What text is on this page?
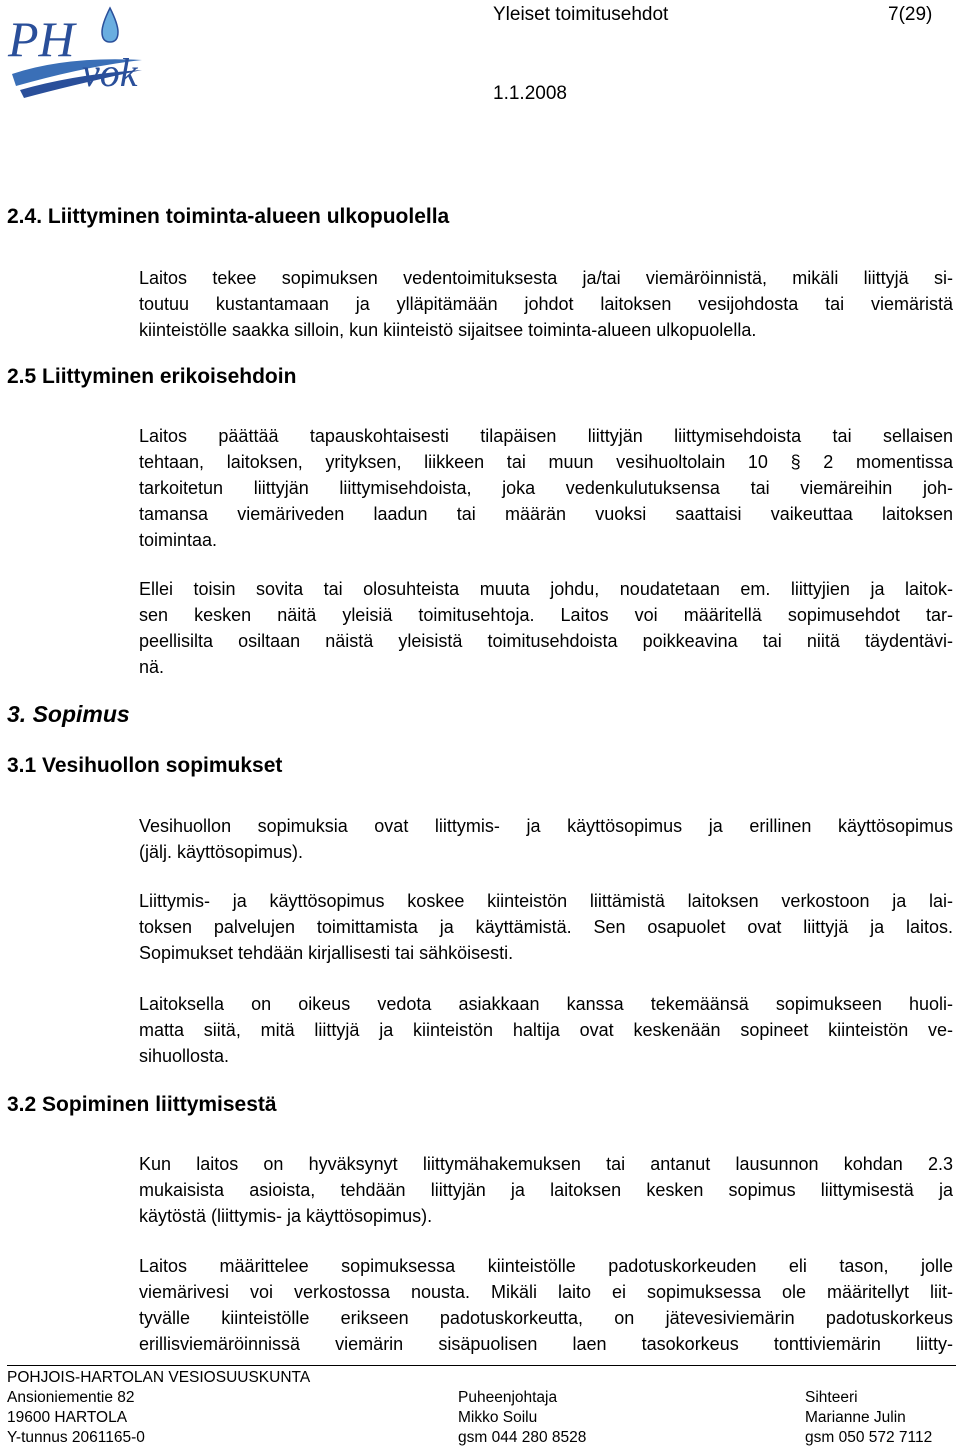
PH
vok
Yleiset toimitusehdot	7(29)
1.1.2008
2.4. Liittyminen toiminta-alueen ulkopuolella
Laitos tekee sopimuksen vedentoimituksesta ja/tai viemäröinnistä, mikäli liittyjä si-
toutuu kustantamaan ja ylläpitämään johdot laitoksen vesijohdosta tai viemäristä
kiinteistölle saakka silloin, kun kiinteistö sijaitsee toiminta-alueen ulkopuolella.
2.5 Liittyminen erikoisehdoin
Laitos päättää tapauskohtaisesti tilapäisen liittyjän liittymisehdoista tai sellaisen
tehtaan, laitoksen, yrityksen, liikkeen tai muun vesihuoltolain 10 § 2 momentissa
tarkoitetun liittyjän liittymisehdoista, joka vedenkulutuksensa tai viemäreihin joh-
tamansa viemäriveden laadun tai määrän vuoksi saattaisi vaikeuttaa laitoksen
toimintaa.
Ellei toisin sovita tai olosuhteista muuta johdu, noudatetaan em. liittyjien ja laitok-
sen kesken näitä yleisiä toimitusehtoja. Laitos voi määritellä sopimusehdot tar-
peellisilta osiltaan näistä yleisistä toimitusehdoista poikkeavina tai niitä täydentävi-
nä.
3. Sopimus
3.1 Vesihuollon sopimukset
Vesihuollon sopimuksia ovat liittymis- ja käyttösopimus ja erillinen käyttösopimus
(jälj. käyttösopimus).
Liittymis- ja käyttösopimus koskee kiinteistön liittämistä laitoksen verkostoon ja lai-
toksen palvelujen toimittamista ja käyttämistä. Sen osapuolet ovat liittyjä ja laitos.
Sopimukset tehdään kirjallisesti tai sähköisesti.
Laitoksella on oikeus vedota asiakkaan kanssa tekemäänsä sopimukseen huoli-
matta siitä, mitä liittyjä ja kiinteistön haltija ovat keskenään sopineet kiinteistön ve-
sihuollosta.
3.2 Sopiminen liittymisestä
Kun laitos on hyväksynyt liittymähakemuksen tai antanut lausunnon kohdan 2.3
mukaisista asioista, tehdään liittyjän ja laitoksen kesken sopimus liittymisestä ja
käytöstä (liittymis- ja käyttösopimus).
Laitos määrittelee sopimuksessa kiinteistölle padotuskorkeuden eli tason, jolle
viemärivesi voi verkostossa nousta. Mikäli laito ei sopimuksessa ole määritellyt liit-
tyvälle kiinteistölle erikseen padotuskorkeutta, on jätevesiviemärin padotuskorkeus
erillisviemäröinnissä viemärin sisäpuolisen laen tasokorkeus tonttiviemärin liitty-
POHJOIS-HARTOLAN VESIOSUUSKUNTA
Ansioniementie 82
19600 HARTOLA
Y-tunnus 2061165-0
Puheenjohtaja
Mikko Soilu
gsm 044 280 8528
Sihteeri
Marianne Julin
gsm 050 572 7112
